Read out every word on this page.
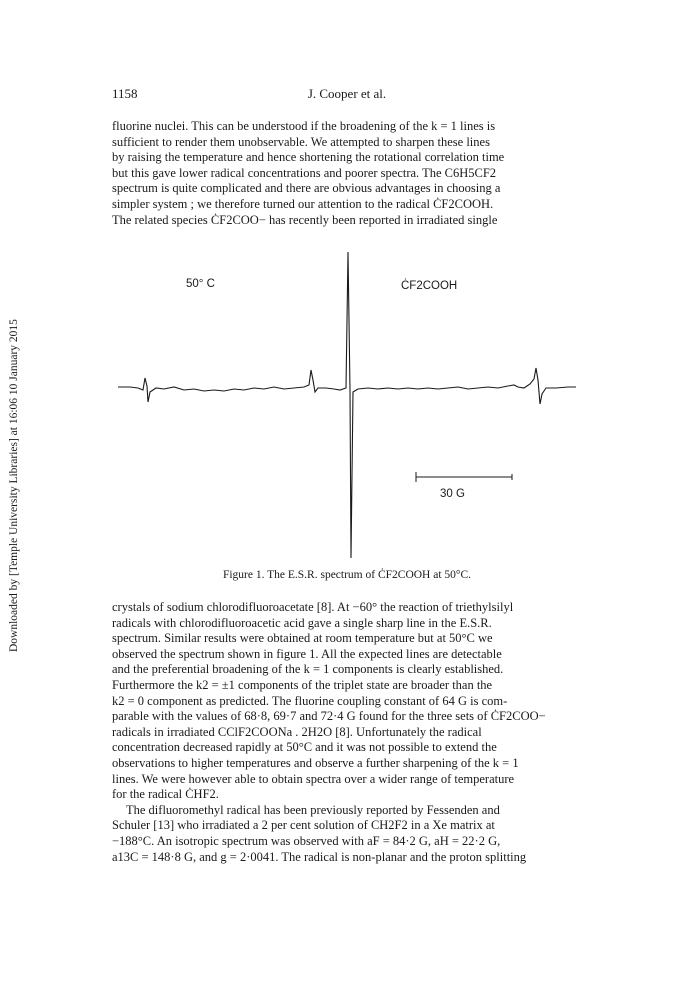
1158	J. Cooper et al.
Downloaded by [Temple University Libraries] at 16:06 10 January 2015

fluorine nuclei. This can be understood if the broadening of the k = 1 lines is

sufficient to render them unobservable. We attempted to sharpen these lines

by raising the temperature and hence shortening the rotational correlation time

but this gave lower radical concentrations and poorer spectra. The C6H5CF2

spectrum is quite complicated and there are obvious advantages in choosing a

simpler system ; we therefore turned our attention to the radical ĊF2COOH.

The related species ĊF2COO− has recently been reported in irradiated single

50° C	ĊF2COOH
30 G
Figure 1. The E.S.R. spectrum of ĊF2COOH at 50°C.

crystals of sodium chlorodifluoroacetate [8]. At −60° the reaction of triethylsilyl

radicals with chlorodifluoroacetic acid gave a single sharp line in the E.S.R.

spectrum. Similar results were obtained at room temperature but at 50°C we

observed the spectrum shown in figure 1. All the expected lines are detectable

and the preferential broadening of the k = 1 components is clearly established.

Furthermore the k2 = ±1 components of the triplet state are broader than the

k2 = 0 component as predicted. The fluorine coupling constant of 64 G is com-

parable with the values of 68·8, 69·7 and 72·4 G found for the three sets of ĊF2COO−

radicals in irradiated CClF2COONa . 2H2O [8]. Unfortunately the radical

concentration decreased rapidly at 50°C and it was not possible to extend the

observations to higher temperatures and observe a further sharpening of the k = 1

lines. We were however able to obtain spectra over a wider range of temperature

for the radical ĊHF2.

The difluoromethyl radical has been previously reported by Fessenden and

Schuler [13] who irradiated a 2 per cent solution of CH2F2 in a Xe matrix at

−188°C. An isotropic spectrum was observed with aF = 84·2 G, aH = 22·2 G,

a13C = 148·8 G, and g = 2·0041. The radical is non-planar and the proton splitting
